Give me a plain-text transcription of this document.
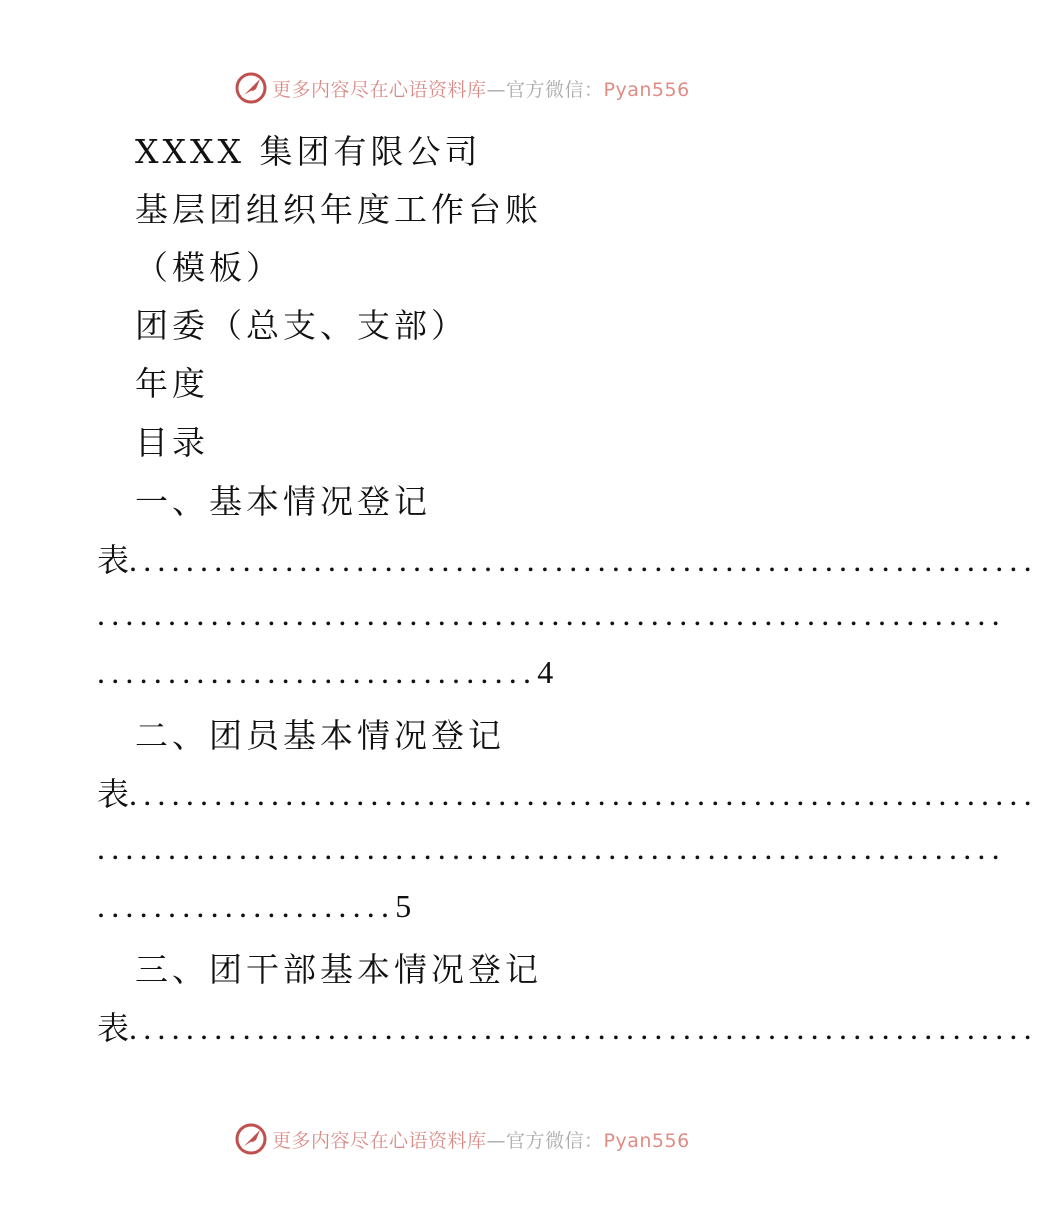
更多内容尽在心语资料库—官方微信：Pyan556
XXXX 集团有限公司
基层团组织年度工作台账
（模板）
团委（总支、支部）
年度
目录
一、基本情况登记
表................................................................
................................................................
...............................4
二、团员基本情况登记
表................................................................
................................................................
.....................5
三、团干部基本情况登记
表................................................................
更多内容尽在心语资料库—官方微信：Pyan556
